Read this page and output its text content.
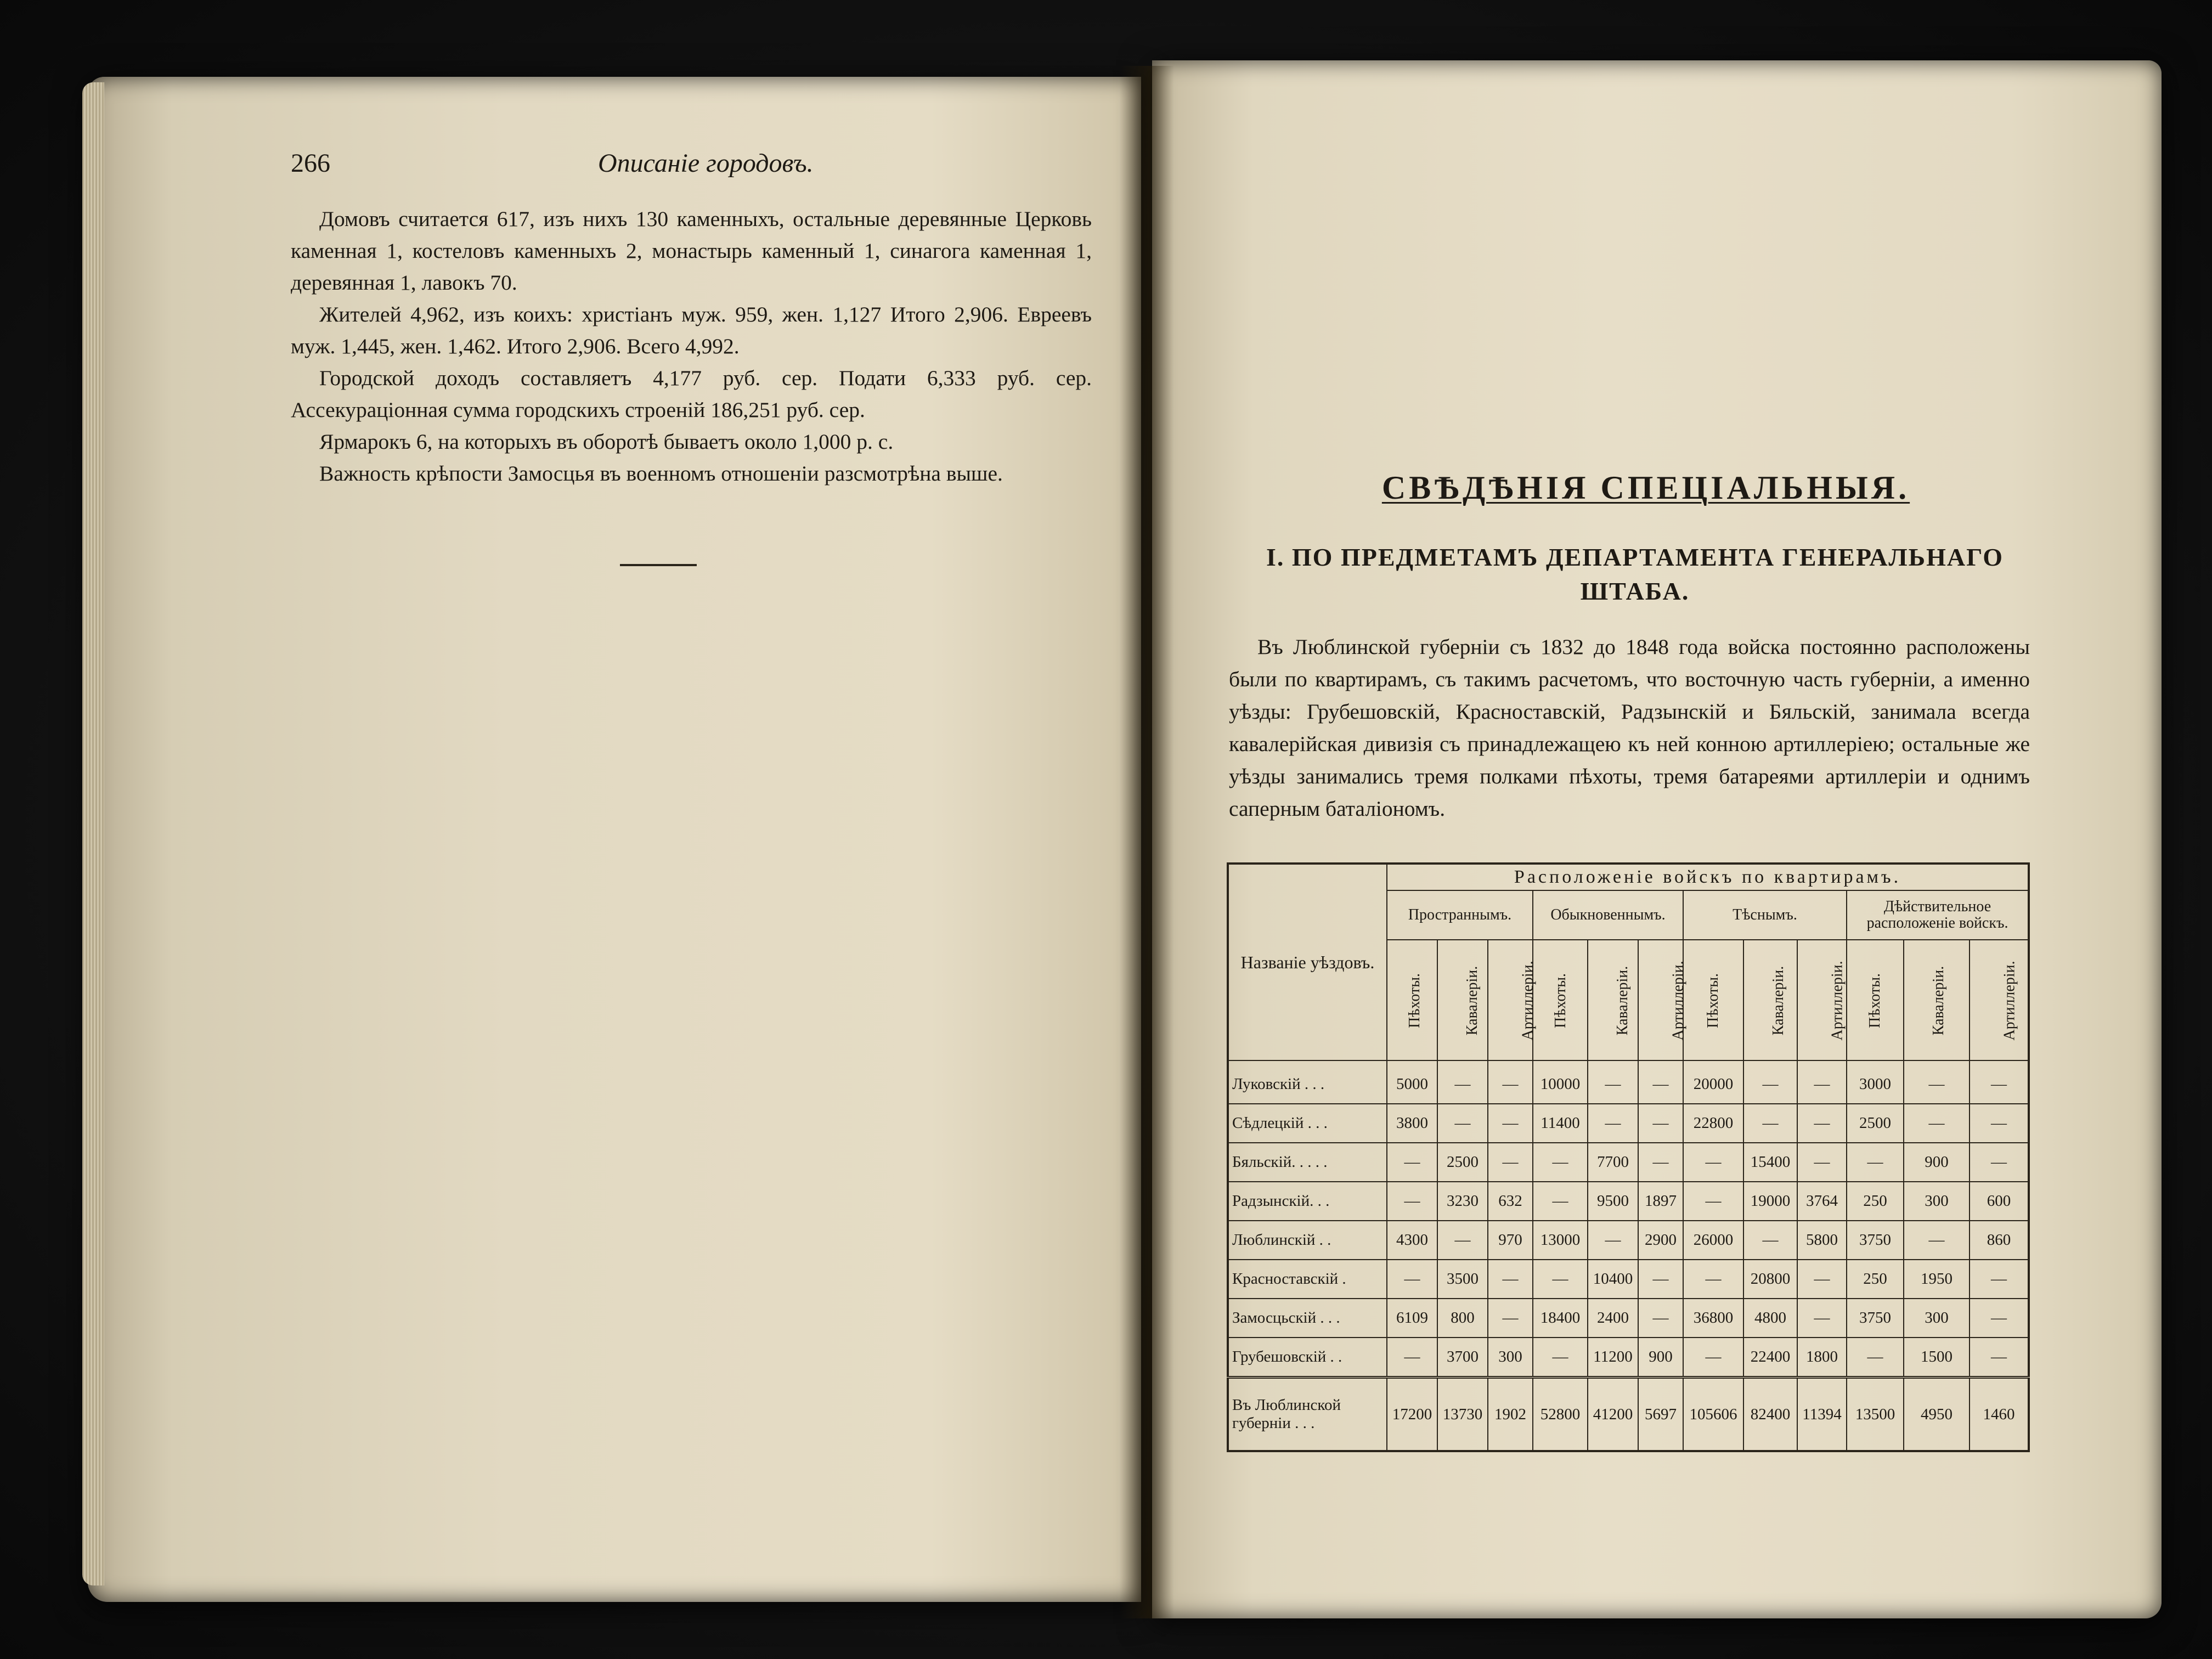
266	Описаніе городовъ.

Домовъ считается 617, изъ нихъ 130 каменныхъ, остальные деревянные Церковь каменная 1, костеловъ каменныхъ 2, монастырь каменный 1, синагога каменная 1, деревянная 1, лавокъ 70.

Жителей 4,962, изъ коихъ: христіанъ муж. 959, жен. 1,127 Итого 2,906. Евреевъ муж. 1,445, жен. 1,462. Итого 2,906. Всего 4,992.

Городской доходъ составляетъ 4,177 руб. сер. Подати 6,333 руб. сер. Ассекураціонная сумма городскихъ строеній 186,251 руб. сер.

Ярмарокъ 6, на которыхъ въ оборотѣ бываетъ около 1,000 р. с.

Важность крѣпости Замосцья въ военномъ отношеніи разсмотрѣна выше.	СВѢДѢНІЯ СПЕЦІАЛЬНЫЯ.
I. ПО ПРЕДМЕТАМЪ ДЕПАРТАМЕНТА ГЕНЕРАЛЬНАГО ШТАБА.

Въ Люблинской губерніи съ 1832 до 1848 года войска постоянно расположены были по квартирамъ, съ такимъ расчетомъ, что восточную часть губерніи, а именно уѣзды: Грубешовскій, Красноставскій, Радзынскій и Бяльскій, занимала всегда кавалерійская дивизія съ принадлежащею къ ней конною артиллеріею; остальные же уѣзды занимались тремя полками пѣхоты, тремя батареями артиллеріи и однимъ саперным баталіономъ.

Названіе уѣздовъ.	Расположеніе войскъ по квартирамъ.											
	Пространнымъ.			Обыкновеннымъ.			Тѣснымъ.			Дѣйствительное расположеніе войскъ.		
	Пѣхоты.	Кавалеріи.	Артиллеріи.	Пѣхоты.	Кавалеріи.	Артиллеріи.	Пѣхоты.	Кавалеріи.	Артиллеріи.	Пѣхоты.	Кавалеріи.	Артиллеріи.
Луковскій . . .	5000	—	—	10000	—	—	20000	—	—	3000	—	—
Сѣдлецкій . . .	3800	—	—	11400	—	—	22800	—	—	2500	—	—
Бяльскій. . . . .	—	2500	—	—	7700	—	—	15400	—	—	900	—
Радзынскій. . .	—	3230	632	—	9500	1897	—	19000	3764	250	300	600
Люблинскій . .	4300	—	970	13000	—	2900	26000	—	5800	3750	—	860
Красноставскій .	—	3500	—	—	10400	—	—	20800	—	250	1950	—
Замосцьскій . . .	6109	800	—	18400	2400	—	36800	4800	—	3750	300	—
Грубешовскій . .	—	3700	300	—	11200	900	—	22400	1800	—	1500	—
Въ Люблинской губерніи . . .	17200	13730	1902	52800	41200	5697	105606	82400	11394	13500	4950	1460
